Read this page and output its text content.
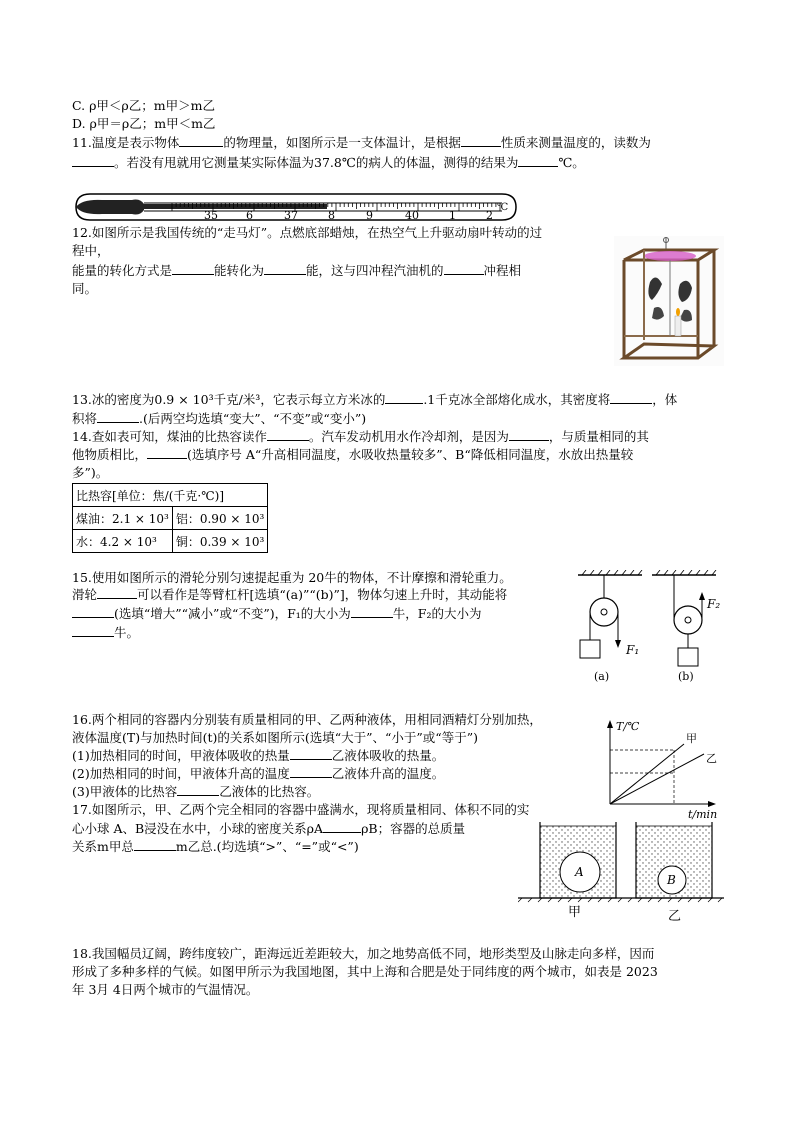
C. ρ甲＜ρ乙；m甲＞m乙
D. ρ甲＝ρ乙；m甲＜m乙
11.温度是表示物体	的物理量，如图所示是一支体温计，是根据	性质来测量温度的，读数为
。若没有甩就用它测量某实际体温为37.8℃的病人的体温，测得的结果为	℃。
35	6	37	8	9	40	1	2
℃
12.如图所示是我国传统的“走马灯”。点燃底部蜡烛，在热空气上升驱动扇叶转动的过
程中，
能量的转化方式是	能转化为	能，这与四冲程汽油机的	冲程相
同。
13.冰的密度为0.9 × 10³千克/米³，它表示每立方米冰的	.1千克冰全部熔化成水，其密度将	，体
积将	.(后两空均选填“变大”、“不变”或“变小”)
14.查如表可知，煤油的比热容读作	。汽车发动机用水作冷却剂，是因为	，与质量相同的其
他物质相比，	(选填序号 A“升高相同温度，水吸收热量较多”、B“降低相同温度，水放出热量较
多”)。
比热容[单位：焦/(千克·℃)]	
煤油：2.1 × 10³	铝：0.90 × 10³
水：4.2 × 10³	铜：0.39 × 10³
15.使用如图所示的滑轮分别匀速提起重为 20牛的物体，不计摩擦和滑轮重力。
滑轮	可以看作是等臂杠杆[选填“(a)”“(b)”]，物体匀速上升时，其动能将
(选填“增大”“减小”或“不变”)，F₁的大小为	牛，F₂的大小为
牛。
F₁
(a)
F₂
(b)
16.两个相同的容器内分别装有质量相同的甲、乙两种液体，用相同酒精灯分别加热，
液体温度(T)与加热时间(t)的关系如图所示(选填“大于”、“小于”或“等于”)
(1)加热相同的时间，甲液体吸收的热量	乙液体吸收的热量。
(2)加热相同的时间，甲液体升高的温度	乙液体升高的温度。
(3)甲液体的比热容	乙液体的比热容。
T/℃
t/min
甲
乙
17.如图所示，甲、乙两个完全相同的容器中盛满水，现将质量相同、体积不同的实
心小球 A、B浸没在水中，小球的密度关系ρA	ρB；容器的总质量
关系m甲总	m乙总.(均选填“>”、“=”或“<”)
A
甲
B
乙
18.我国幅员辽阔，跨纬度较广，距海远近差距较大，加之地势高低不同，地形类型及山脉走向多样，因而
形成了多种多样的气候。如图甲所示为我国地图，其中上海和合肥是处于同纬度的两个城市，如表是 2023
年 3月 4日两个城市的气温情况。
